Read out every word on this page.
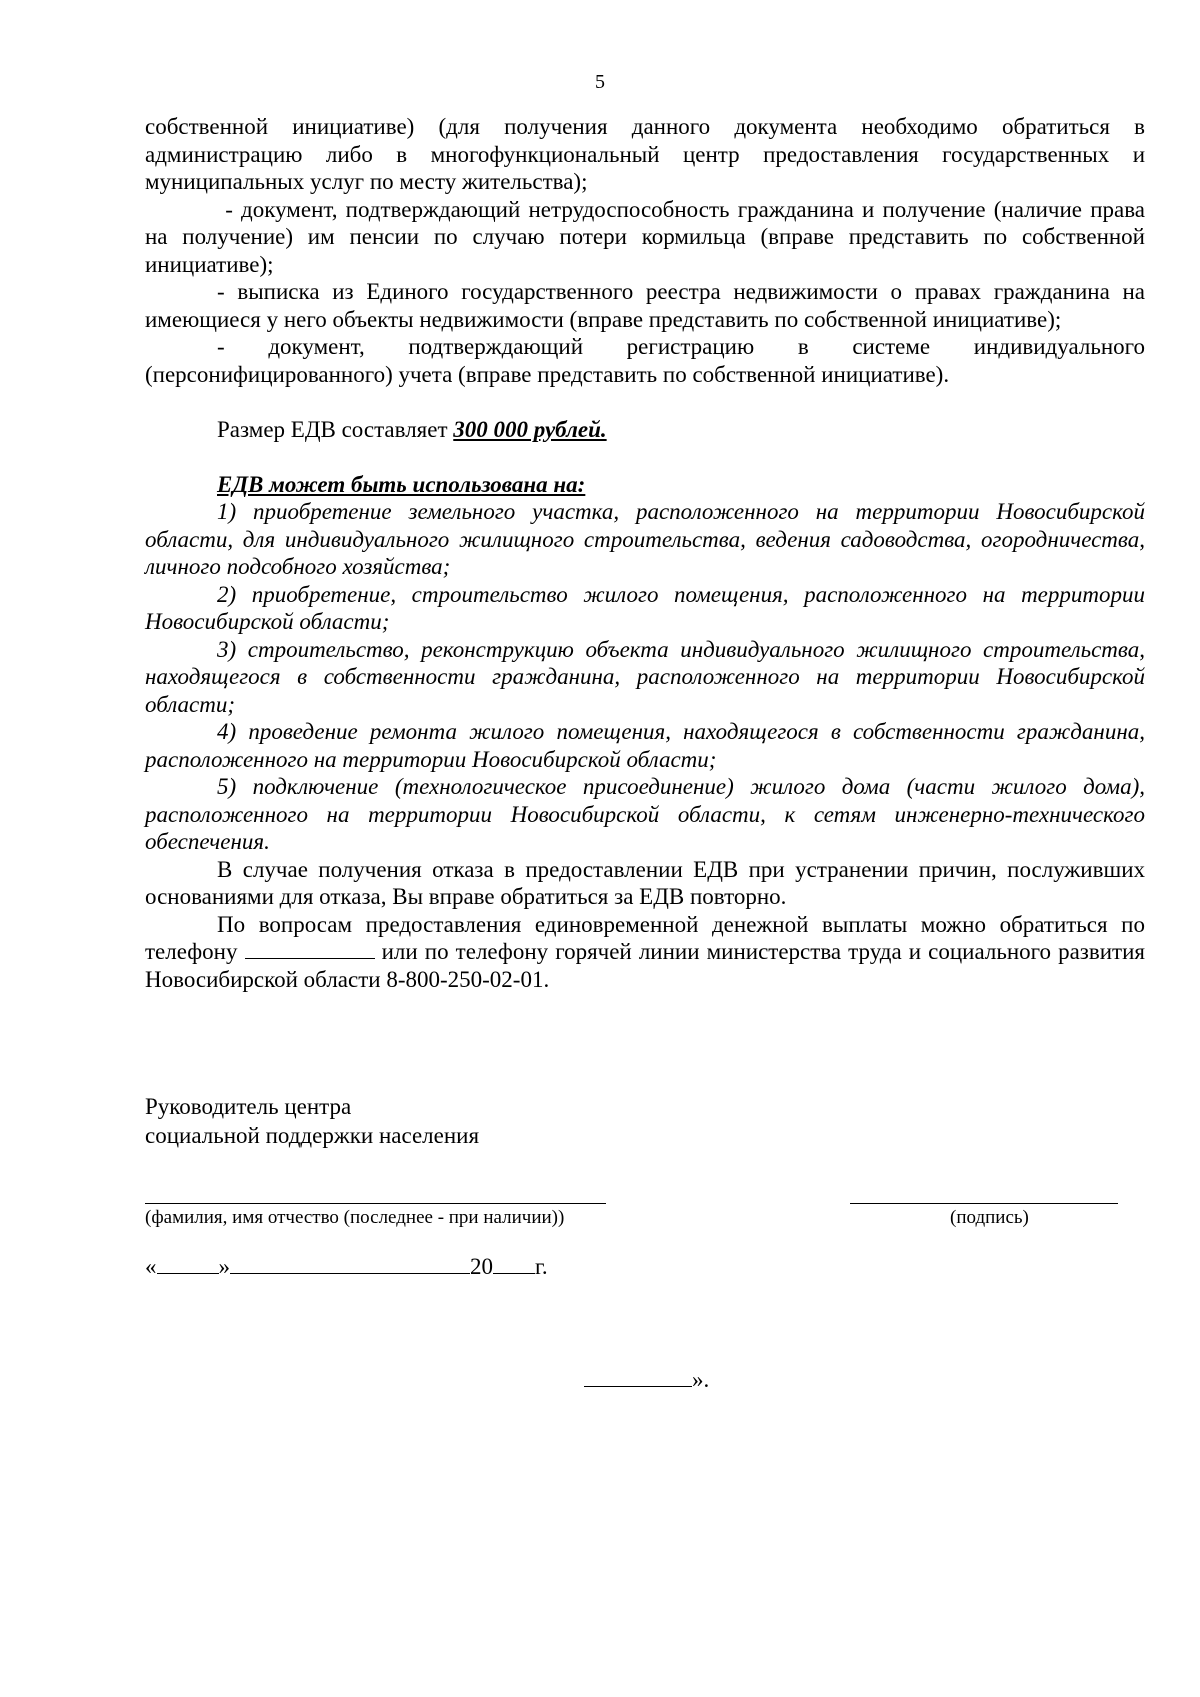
5

собственной инициативе) (для получения данного документа необходимо обратиться в администрацию либо в многофункциональный центр предоставления государственных и муниципальных услуг по месту жительства);

- документ, подтверждающий нетрудоспособность гражданина и получение (наличие права на получение) им пенсии по случаю потери кормильца (вправе представить по собственной инициативе);

- выписка из Единого государственного реестра недвижимости о правах гражданина на имеющиеся у него объекты недвижимости (вправе представить по собственной инициативе);

- документ, подтверждающий регистрацию в системе индивидуального (персонифицированного) учета (вправе представить по собственной инициативе).

Размер ЕДВ составляет 300 000 рублей.

ЕДВ может быть использована на:

1) приобретение земельного участка, расположенного на территории Новосибирской области, для индивидуального жилищного строительства, ведения садоводства, огородничества, личного подсобного хозяйства;

2) приобретение, строительство жилого помещения, расположенного на территории Новосибирской области;

3) строительство, реконструкцию объекта индивидуального жилищного строительства, находящегося в собственности гражданина, расположенного на территории Новосибирской области;

4) проведение ремонта жилого помещения, находящегося в собственности гражданина, расположенного на территории Новосибирской области;

5) подключение (технологическое присоединение) жилого дома (части жилого дома), расположенного на территории Новосибирской области, к сетям инженерно-технического обеспечения.

В случае получения отказа в предоставлении ЕДВ при устранении причин, послуживших основаниями для отказа, Вы вправе обратиться за ЕДВ повторно.

По вопросам предоставления единовременной денежной выплаты можно обратиться по телефону	или по телефону горячей линии министерства труда и социального развития Новосибирской области 8-800-250-02-01.

Руководитель центра
социальной поддержки населения
(фамилия, имя отчество (последнее - при наличии))	(подпись)
«	»	20 г.
».
